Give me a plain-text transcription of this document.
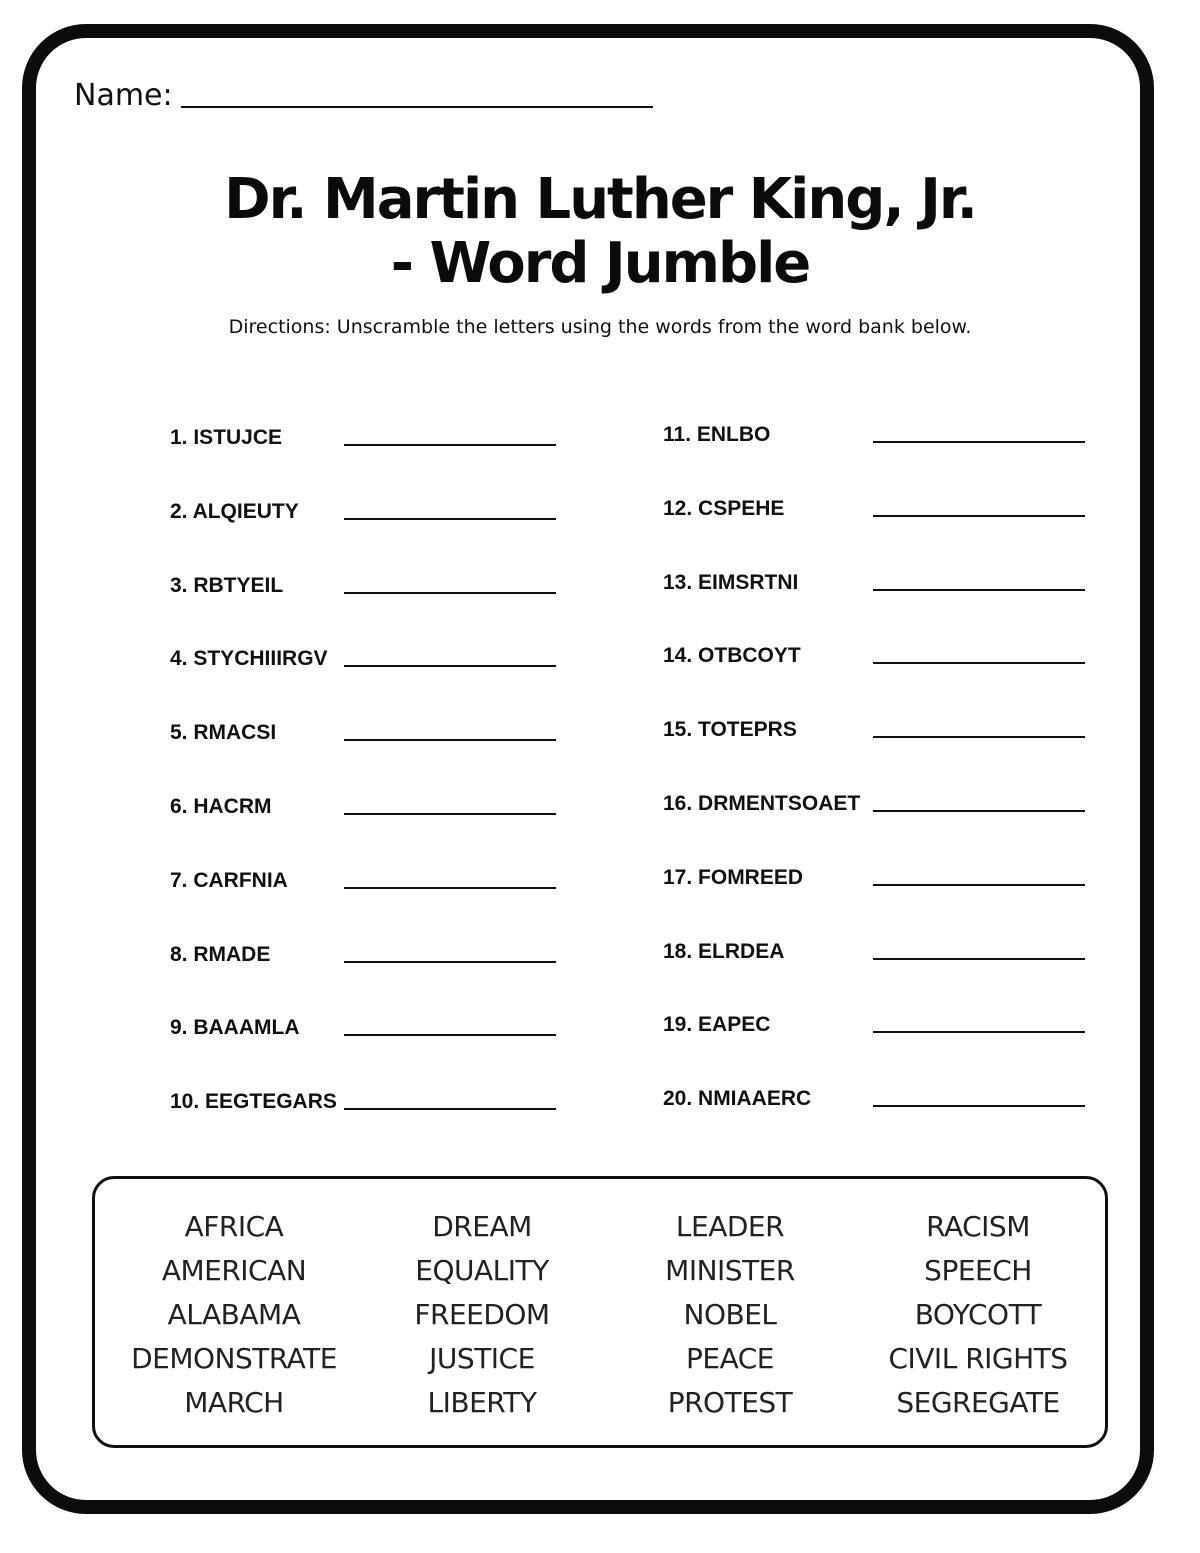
Name:
Dr. Martin Luther King, Jr.
- Word Jumble
Directions: Unscramble the letters using the words from the word bank below.
1. ISTUJCE
2. ALQIEUTY
3. RBTYEIL
4. STYCHIIIRGV
5. RMACSI
6. HACRM
7. CARFNIA
8. RMADE
9. BAAAMLA
10. EEGTEGARS
11. ENLBO
12. CSPEHE
13. EIMSRTNI
14. OTBCOYT
15. TOTEPRS
16. DRMENTSOAET
17. FOMREED
18. ELRDEA
19. EAPEC
20. NMIAAERC
AFRICA
AMERICAN
ALABAMA
DEMONSTRATE
MARCH
DREAM
EQUALITY
FREEDOM
JUSTICE
LIBERTY
LEADER
MINISTER
NOBEL
PEACE
PROTEST
RACISM
SPEECH
BOYCOTT
CIVIL RIGHTS
SEGREGATE
